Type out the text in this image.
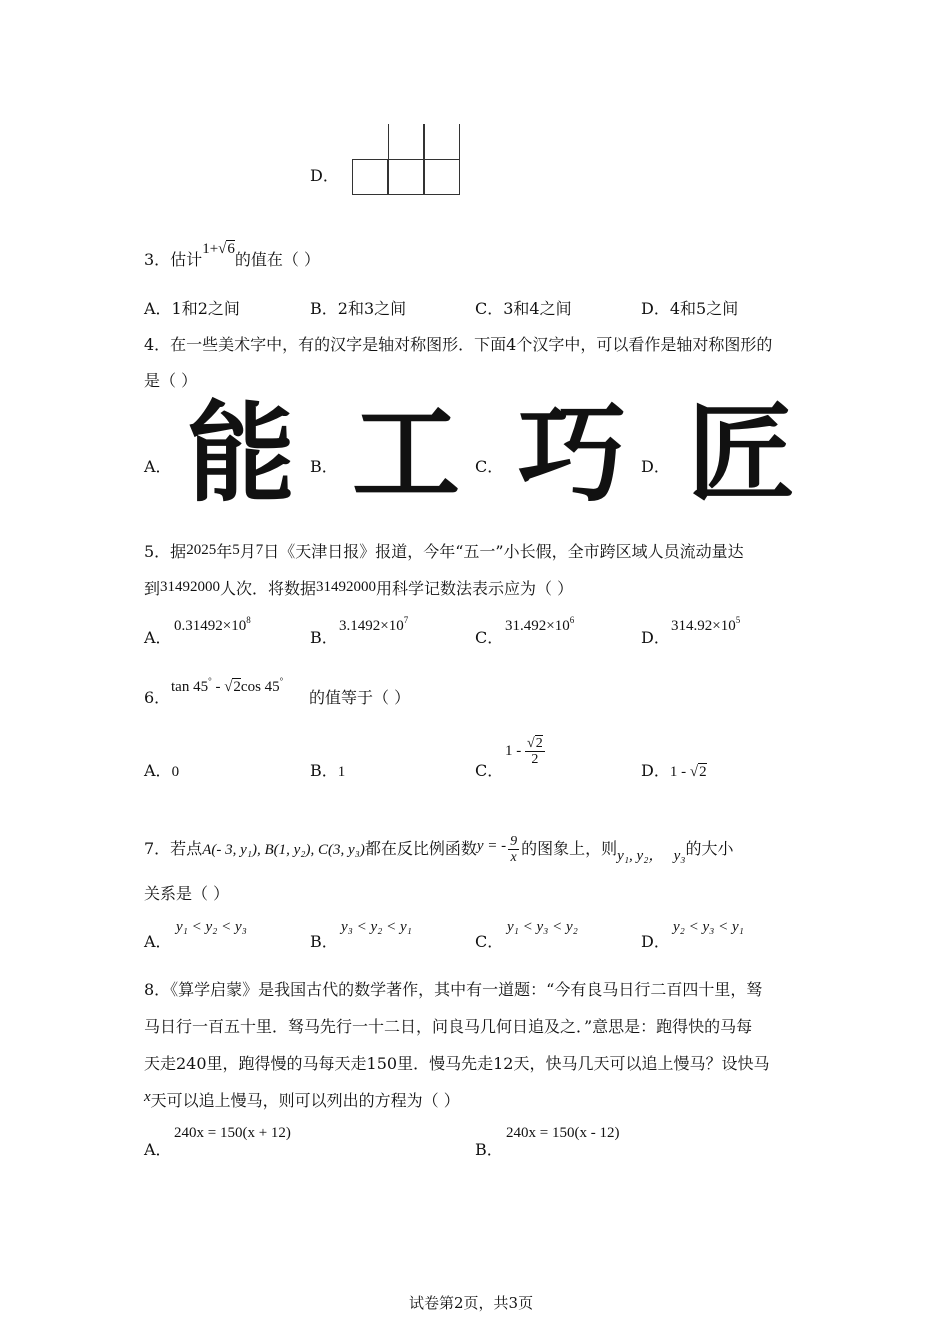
D．
3．估计1+√6的值在（ ）
A．1和2之间	B．2和3之间	C．3和4之间	D．4和5之间
4．在一些美术字中，有的汉字是轴对称图形．下面4个汉字中，可以看作是轴对称图形的
是（ ）
A． 能 B． 工 C． 巧 D． 匠
5．据2025年5月7日《天津日报》报道，今年“五一”小长假，全市跨区域人员流动量达
到31492000人次．将数据31492000用科学记数法表示应为（ ）
A．
$0.31492\times 10^8$
B．
$3.1492\times 10^7$
C．
$31.492\times 10^6$
D．
$314.92\times 10^5$
6．
tan 45° - √2cos 45°
的值等于（ ）
A．0	B．1	C．
$1 - \frac{√2}{2}$
D．1 - √2
7．若点A(- 3, y₁), B(1, y₂), C(3, y₃)都在反比例函数y = - $\frac{9}{x}$ 的图象上，则y₁, y₂， y₃的大小
关系是（ ）
A．
y₁ < y₂ < y₃
B．
y₃ < y₂ < y₁
C．
y₁ < y₃ < y₂
D．
y₂ < y₃ < y₁
8．《算学启蒙》是我国古代的数学著作，其中有一道题：“今有良马日行二百四十里，驽
马日行一百五十里．驽马先行一十二日，问良马几何日追及之．”意思是：跑得快的马每
天走240里，跑得慢的马每天走150里．慢马先走12天，快马几天可以追上慢马？设快马
x天可以追上慢马，则可以列出的方程为（ ）
A．
240x = 150(x + 12)
B．
240x = 150(x - 12)
试卷第2页，共3页
